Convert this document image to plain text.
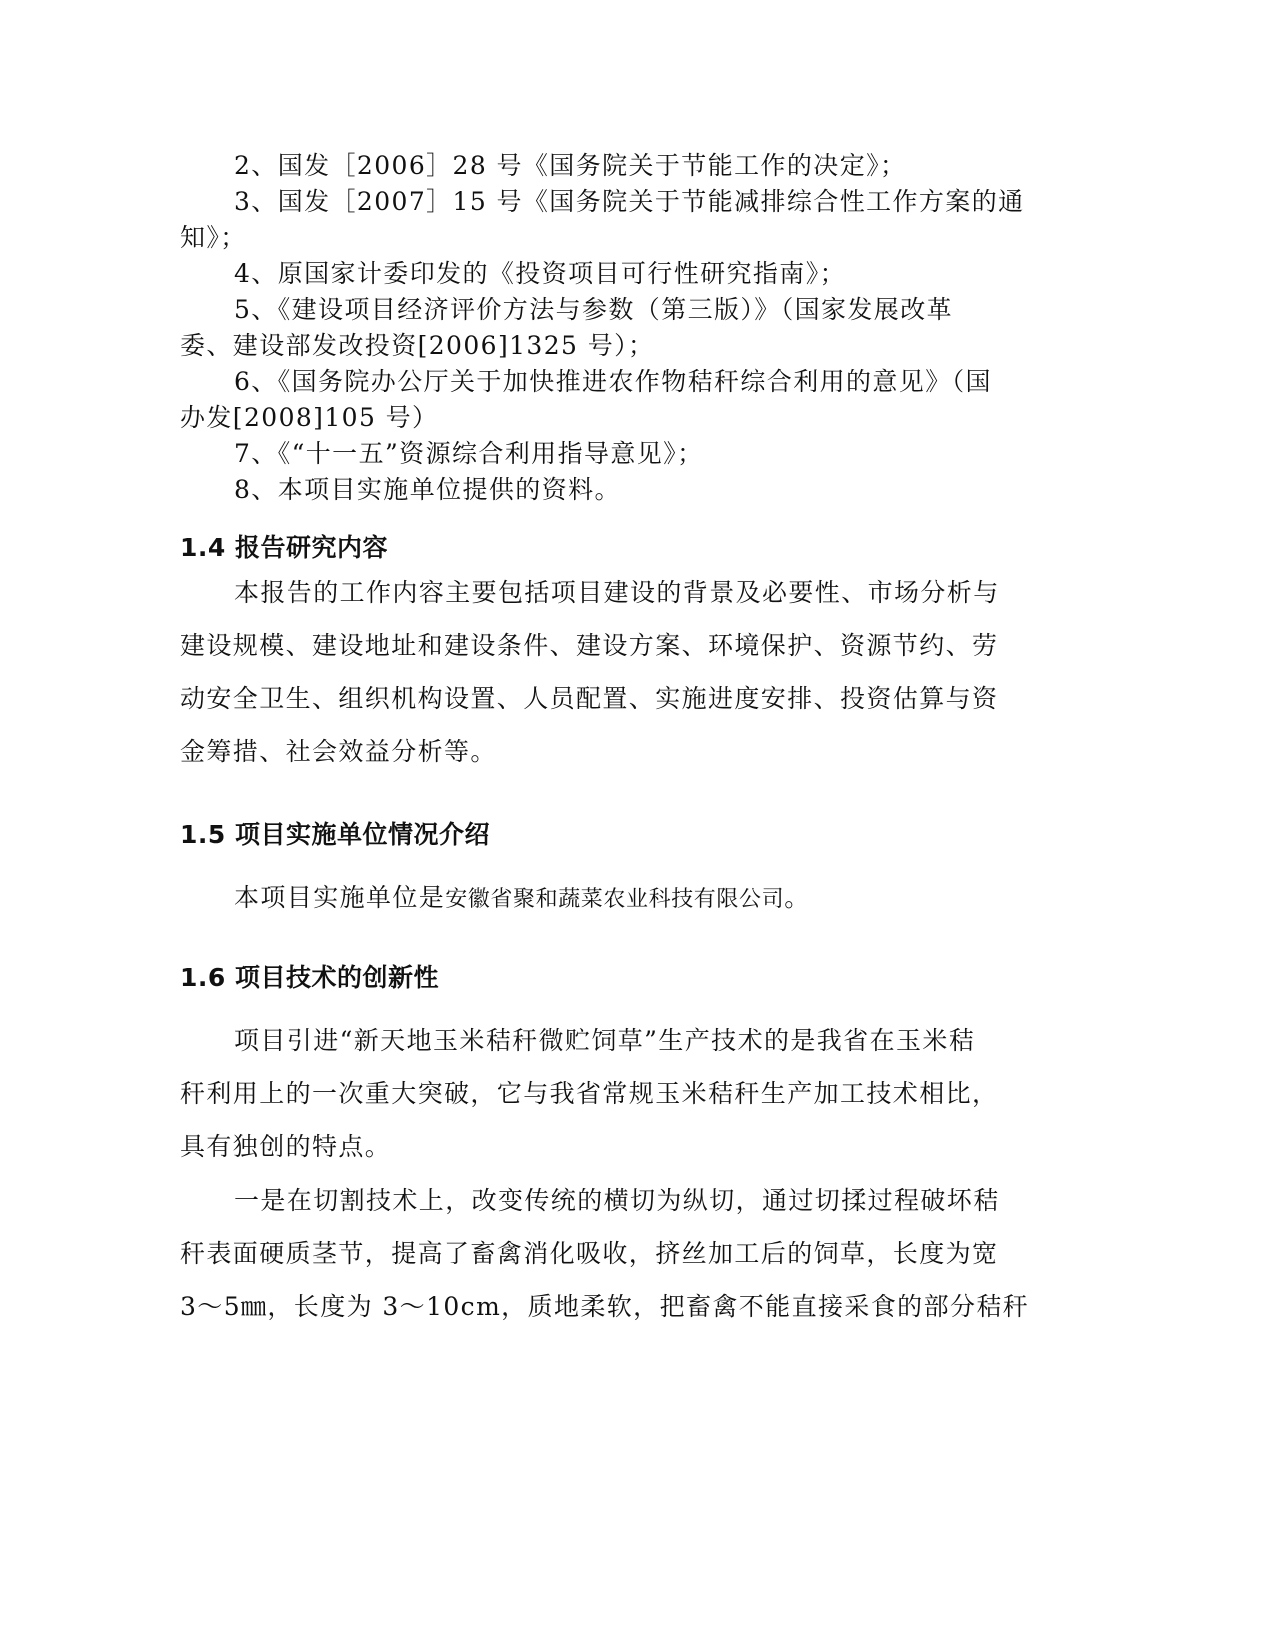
2、国发［2006］28 号《国务院关于节能工作的决定》；
3、国发［2007］15 号《国务院关于节能减排综合性工作方案的通
知》；
4、原国家计委印发的《投资项目可行性研究指南》；
5、《建设项目经济评价方法与参数（第三版）》（国家发展改革
委、建设部发改投资[2006]1325 号）；
6、《国务院办公厅关于加快推进农作物秸秆综合利用的意见》（国
办发[2008]105 号）
7、《“十一五”资源综合利用指导意见》；
8、本项目实施单位提供的资料。
1.4 报告研究内容
本报告的工作内容主要包括项目建设的背景及必要性、市场分析与
建设规模、建设地址和建设条件、建设方案、环境保护、资源节约、劳
动安全卫生、组织机构设置、人员配置、实施进度安排、投资估算与资
金筹措、社会效益分析等。
1.5 项目实施单位情况介绍
本项目实施单位是安徽省聚和蔬菜农业科技有限公司。
1.6 项目技术的创新性
项目引进“新天地玉米秸秆微贮饲草”生产技术的是我省在玉米秸
秆利用上的一次重大突破，它与我省常规玉米秸秆生产加工技术相比，
具有独创的特点。
一是在切割技术上，改变传统的横切为纵切，通过切揉过程破坏秸
秆表面硬质茎节，提高了畜禽消化吸收，挤丝加工后的饲草，长度为宽
3～5㎜，长度为 3～10cm，质地柔软，把畜禽不能直接采食的部分秸秆
